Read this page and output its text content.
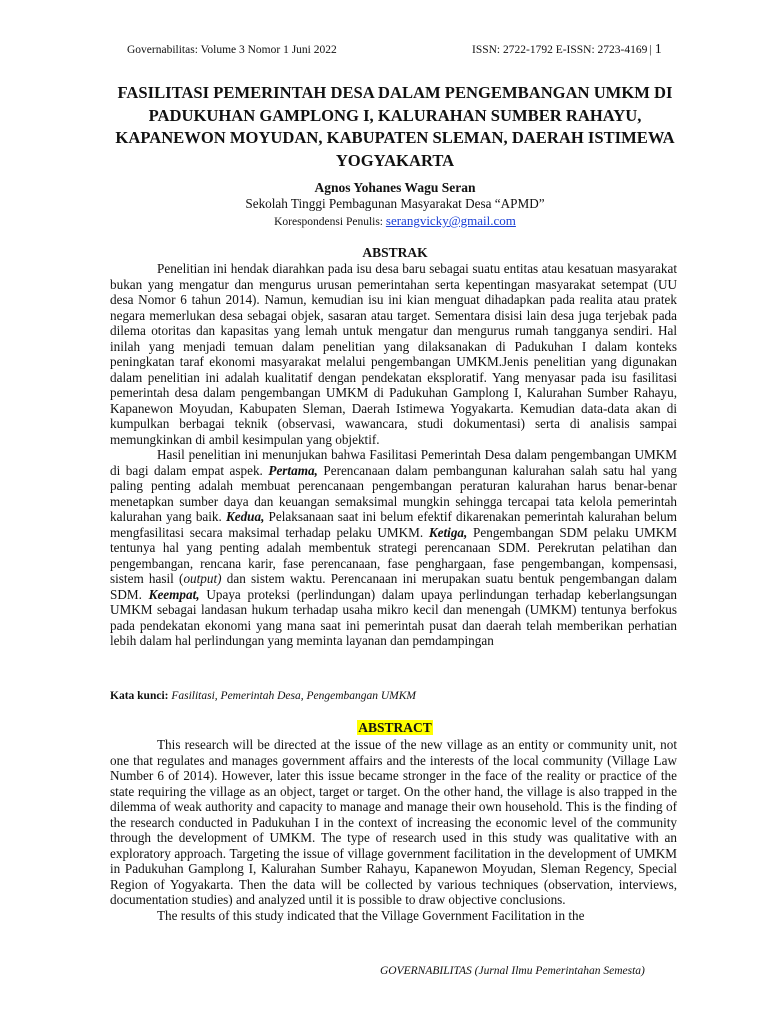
Governabilitas: Volume 3 Nomor 1 Juni 2022	ISSN: 2722-1792 E-ISSN: 2723-4169 | 1
FASILITASI PEMERINTAH DESA DALAM PENGEMBANGAN UMKM DI PADUKUHAN GAMPLONG I, KALURAHAN SUMBER RAHAYU, KAPANEWON MOYUDAN, KABUPATEN SLEMAN, DAERAH ISTIMEWA YOGYAKARTA
Agnos Yohanes Wagu Seran
Sekolah Tinggi Pembagunan Masyarakat Desa “APMD”
Korespondensi Penulis: serangvicky@gmail.com
ABSTRAK

Penelitian ini hendak diarahkan pada isu desa baru sebagai suatu entitas atau kesatuan masyarakat bukan yang mengatur dan mengurus urusan pemerintahan serta kepentingan masyarakat setempat (UU desa Nomor 6 tahun 2014). Namun, kemudian isu ini kian menguat dihadapkan pada realita atau pratek negara memerlukan desa sebagai objek, sasaran atau target. Sementara disisi lain desa juga terjebak pada dilema otoritas dan kapasitas yang lemah untuk mengatur dan mengurus rumah tangganya sendiri. Hal inilah yang menjadi temuan dalam penelitian yang dilaksanakan di Padukuhan I dalam konteks peningkatan taraf ekonomi masyarakat melalui pengembangan UMKM.Jenis penelitian yang digunakan dalam penelitian ini adalah kualitatif dengan pendekatan eksploratif. Yang menyasar pada isu fasilitasi pemerintah desa dalam pengembangan UMKM di Padukuhan Gamplong I, Kalurahan Sumber Rahayu, Kapanewon Moyudan, Kabupaten Sleman, Daerah Istimewa Yogyakarta. Kemudian data-data akan di kumpulkan berbagai teknik (observasi, wawancara, studi dokumentasi) serta di analisis sampai memungkinkan di ambil kesimpulan yang objektif.

Hasil penelitian ini menunjukan bahwa Fasilitasi Pemerintah Desa dalam pengembangan UMKM di bagi dalam empat aspek. Pertama, Perencanaan dalam pembangunan kalurahan salah satu hal yang paling penting adalah membuat perencanaan pengembangan peraturan kalurahan harus benar-benar menetapkan sumber daya dan keuangan semaksimal mungkin sehingga tercapai tata kelola pemerintah kalurahan yang baik. Kedua, Pelaksanaan saat ini belum efektif dikarenakan pemerintah kalurahan belum mengfasilitasi secara maksimal terhadap pelaku UMKM. Ketiga, Pengembangan SDM pelaku UMKM tentunya hal yang penting adalah membentuk strategi perencanaan SDM. Perekrutan pelatihan dan pengembangan, rencana karir, fase perencanaan, fase penghargaan, fase pengembangan, kompensasi, sistem hasil (output) dan sistem waktu. Perencanaan ini merupakan suatu bentuk pengembangan dalam SDM. Keempat, Upaya proteksi (perlindungan) dalam upaya perlindungan terhadap keberlangsungan UMKM sebagai landasan hukum terhadap usaha mikro kecil dan menengah (UMKM) tentunya berfokus pada pendekatan ekonomi yang mana saat ini pemerintah pusat dan daerah telah memberikan perhatian lebih dalam hal perlindungan yang meminta layanan dan pemdampingan

Kata kunci: Fasilitasi, Pemerintah Desa, Pengembangan UMKM
ABSTRACT

This research will be directed at the issue of the new village as an entity or community unit, not one that regulates and manages government affairs and the interests of the local community (Village Law Number 6 of 2014). However, later this issue became stronger in the face of the reality or practice of the state requiring the village as an object, target or target. On the other hand, the village is also trapped in the dilemma of weak authority and capacity to manage and manage their own household. This is the finding of the research conducted in Padukuhan I in the context of increasing the economic level of the community through the development of UMKM. The type of research used in this study was qualitative with an exploratory approach. Targeting the issue of village government facilitation in the development of UMKM in Padukuhan Gamplong I, Kalurahan Sumber Rahayu, Kapanewon Moyudan, Sleman Regency, Special Region of Yogyakarta. Then the data will be collected by various techniques (observation, interviews, documentation studies) and analyzed until it is possible to draw objective conclusions.

The results of this study indicated that the Village Government Facilitation in the

GOVERNABILITAS (Jurnal Ilmu Pemerintahan Semesta)
